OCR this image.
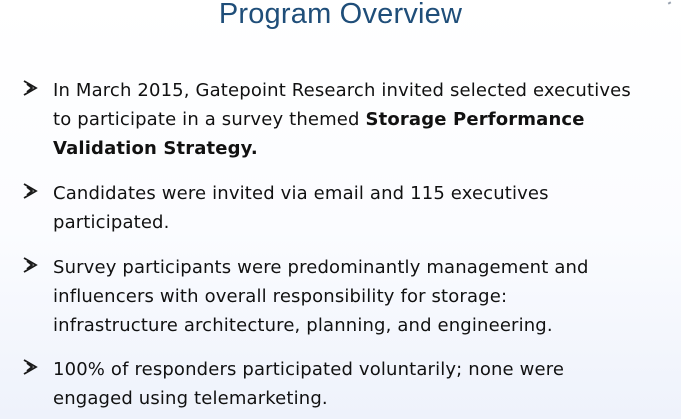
Program Overview
In March 2015, Gatepoint Research invited selected executives
to participate in a survey themed Storage Performance
Validation Strategy.
Candidates were invited via email and 115 executives
participated.
Survey participants were predominantly management and
influencers with overall responsibility for storage:
infrastructure architecture, planning, and engineering.
100% of responders participated voluntarily; none were
engaged using telemarketing.
